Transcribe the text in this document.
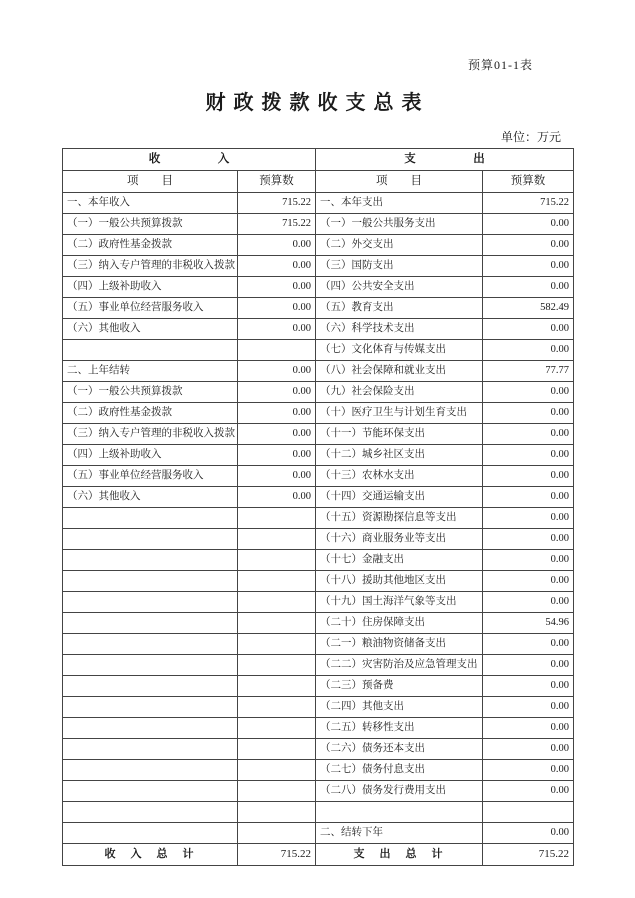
预算01-1表
财政拨款收支总表
单位：万元
收　　　　　入		支　　　　　出	
项　　目	预算数	项　　目	预算数
一、本年收入	715.22	一、本年支出	715.22
（一）一般公共预算拨款	715.22	（一）一般公共服务支出	0.00
（二）政府性基金拨款	0.00	（二）外交支出	0.00
（三）纳入专户管理的非税收入拨款	0.00	（三）国防支出	0.00
（四）上级补助收入	0.00	（四）公共安全支出	0.00
（五）事业单位经营服务收入	0.00	（五）教育支出	582.49
（六）其他收入	0.00	（六）科学技术支出	0.00
		（七）文化体育与传媒支出	0.00
二、上年结转	0.00	（八）社会保障和就业支出	77.77
（一）一般公共预算拨款	0.00	（九）社会保险支出	0.00
（二）政府性基金拨款	0.00	（十）医疗卫生与计划生育支出	0.00
（三）纳入专户管理的非税收入拨款	0.00	（十一）节能环保支出	0.00
（四）上级补助收入	0.00	（十二）城乡社区支出	0.00
（五）事业单位经营服务收入	0.00	（十三）农林水支出	0.00
（六）其他收入	0.00	（十四）交通运输支出	0.00
		（十五）资源勘探信息等支出	0.00
		（十六）商业服务业等支出	0.00
		（十七）金融支出	0.00
		（十八）援助其他地区支出	0.00
		（十九）国土海洋气象等支出	0.00
		（二十）住房保障支出	54.96
		（二一）粮油物资储备支出	0.00
		（二二）灾害防治及应急管理支出	0.00
		（二三）预备费	0.00
		（二四）其他支出	0.00
		（二五）转移性支出	0.00
		（二六）债务还本支出	0.00
		（二七）债务付息支出	0.00
		（二八）债务发行费用支出	0.00

		二、结转下年	0.00
收　入　总　计	715.22	支　出　总　计	715.22
